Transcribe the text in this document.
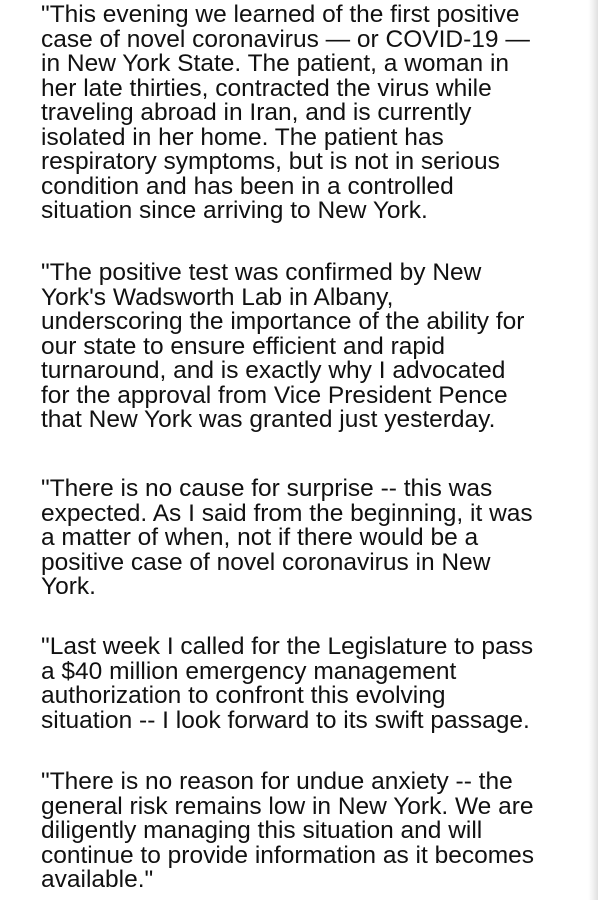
"This evening we learned of the first positive
case of novel coronavirus — or COVID-19 —
in New York State. The patient, a woman in
her late thirties, contracted the virus while
traveling abroad in Iran, and is currently
isolated in her home. The patient has
respiratory symptoms, but is not in serious
condition and has been in a controlled
situation since arriving to New York.
"The positive test was confirmed by New
York's Wadsworth Lab in Albany,
underscoring the importance of the ability for
our state to ensure efficient and rapid
turnaround, and is exactly why I advocated
for the approval from Vice President Pence
that New York was granted just yesterday.
"There is no cause for surprise -- this was
expected. As I said from the beginning, it was
a matter of when, not if there would be a
positive case of novel coronavirus in New
York.
"Last week I called for the Legislature to pass
a $40 million emergency management
authorization to confront this evolving
situation -- I look forward to its swift passage.
"There is no reason for undue anxiety -- the
general risk remains low in New York. We are
diligently managing this situation and will
continue to provide information as it becomes
available."
